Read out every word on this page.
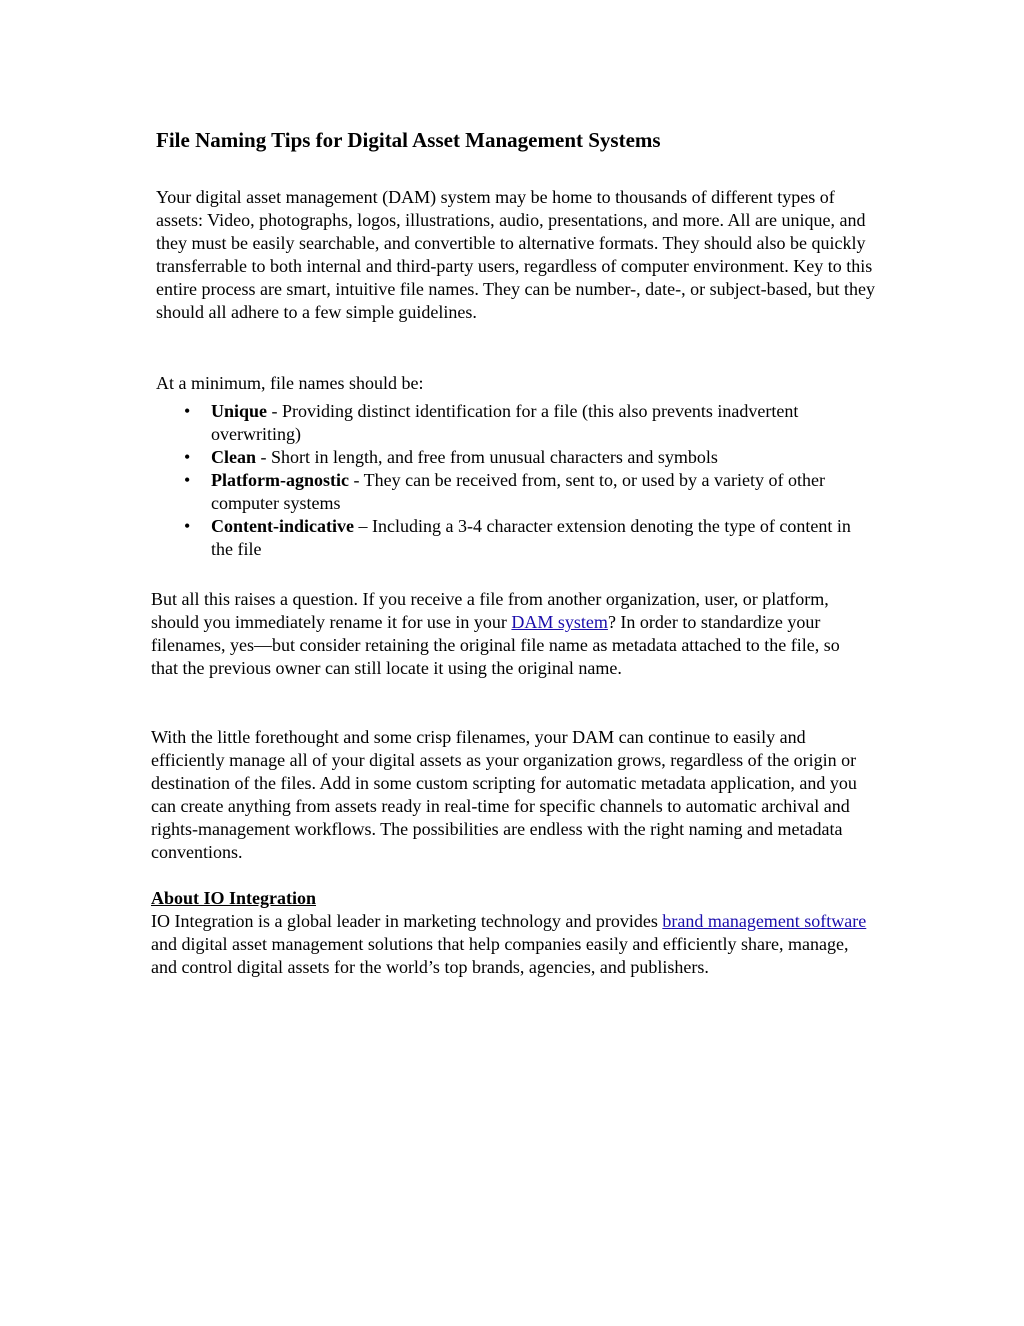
File Naming Tips for Digital Asset Management Systems

Your digital asset management (DAM) system may be home to thousands of different types of assets: Video, photographs, logos, illustrations, audio, presentations, and more. All are unique, and they must be easily searchable, and convertible to alternative formats. They should also be quickly transferrable to both internal and third-party users, regardless of computer environment. Key to this entire process are smart, intuitive file names. They can be number-, date-, or subject-based, but they should all adhere to a few simple guidelines.

At a minimum, file names should be:

• Unique - Providing distinct identification for a file (this also prevents inadvertent overwriting)
• Clean - Short in length, and free from unusual characters and symbols
• Platform-agnostic - They can be received from, sent to, or used by a variety of other computer systems
• Content-indicative – Including a 3-4 character extension denoting the type of content in the file

But all this raises a question. If you receive a file from another organization, user, or platform, should you immediately rename it for use in your DAM system? In order to standardize your filenames, yes—but consider retaining the original file name as metadata attached to the file, so that the previous owner can still locate it using the original name.

With the little forethought and some crisp filenames, your DAM can continue to easily and efficiently manage all of your digital assets as your organization grows, regardless of the origin or destination of the files. Add in some custom scripting for automatic metadata application, and you can create anything from assets ready in real-time for specific channels to automatic archival and rights-management workflows. The possibilities are endless with the right naming and metadata conventions.

About IO Integration
IO Integration is a global leader in marketing technology and provides brand management software and digital asset management solutions that help companies easily and efficiently share, manage, and control digital assets for the world’s top brands, agencies, and publishers.
